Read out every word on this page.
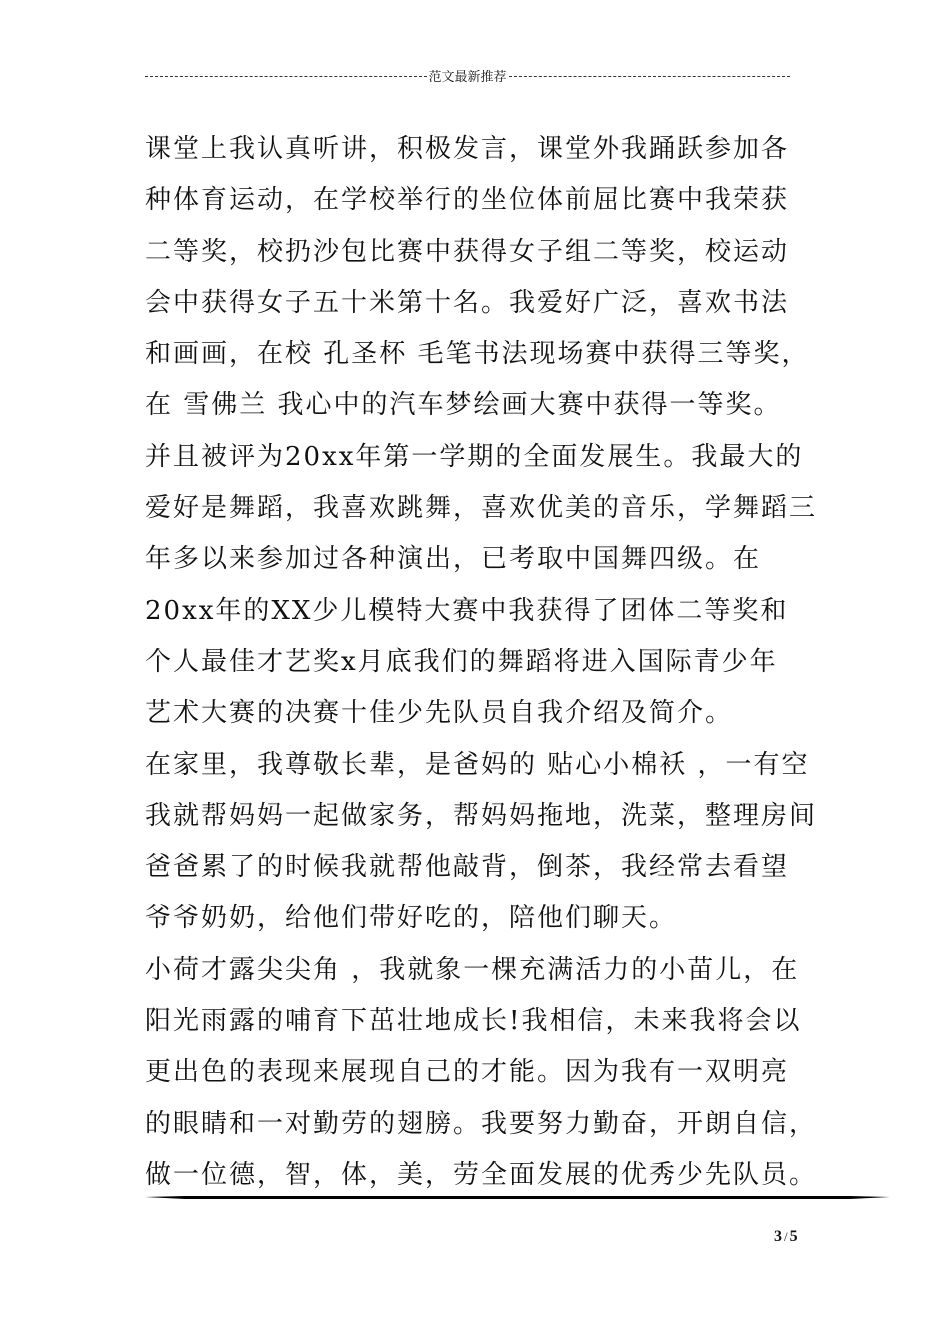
范文最新推荐
课堂上我认真听讲，积极发言，课堂外我踊跃参加各
种体育运动，在学校举行的坐位体前屈比赛中我荣获
二等奖，校扔沙包比赛中获得女子组二等奖，校运动
会中获得女子五十米第十名。我爱好广泛，喜欢书法
和画画，在校 孔圣杯 毛笔书法现场赛中获得三等奖，
在 雪佛兰 我心中的汽车梦绘画大赛中获得一等奖。
并且被评为20xx年第一学期的全面发展生。我最大的
爱好是舞蹈，我喜欢跳舞，喜欢优美的音乐，学舞蹈三
年多以来参加过各种演出，已考取中国舞四级。在
20xx年的XX少儿模特大赛中我获得了团体二等奖和
个人最佳才艺奖x月底我们的舞蹈将进入国际青少年
艺术大赛的决赛十佳少先队员自我介绍及简介。
在家里，我尊敬长辈，是爸妈的 贴心小棉袄 ，一有空
我就帮妈妈一起做家务，帮妈妈拖地，洗菜，整理房间
爸爸累了的时候我就帮他敲背，倒茶，我经常去看望
爷爷奶奶，给他们带好吃的，陪他们聊天。
小荷才露尖尖角 ，我就象一棵充满活力的小苗儿，在
阳光雨露的哺育下茁壮地成长!我相信，未来我将会以
更出色的表现来展现自己的才能。因为我有一双明亮
的眼睛和一对勤劳的翅膀。我要努力勤奋，开朗自信，
做一位德，智，体，美，劳全面发展的优秀少先队员。
3 / 5
